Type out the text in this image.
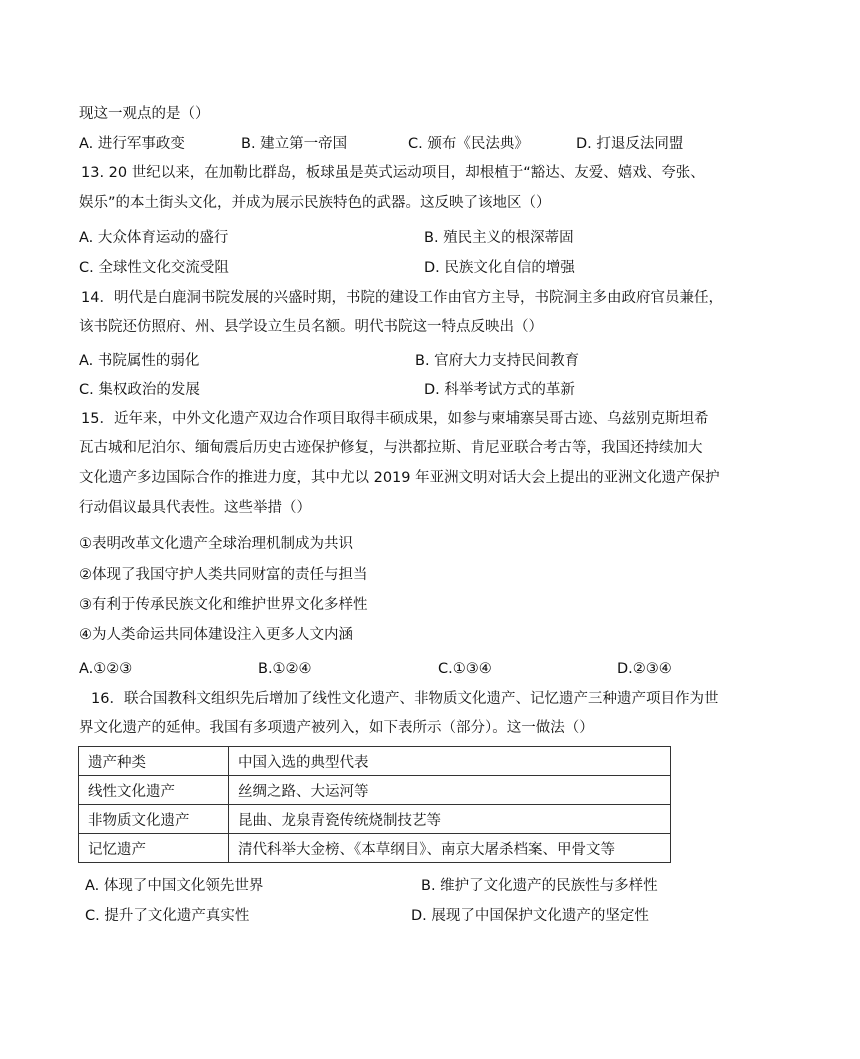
现这一观点的是（）
A. 进行军事政变	B. 建立第一帝国	C. 颁布《民法典》	D. 打退反法同盟
13. 20 世纪以来，在加勒比群岛，板球虽是英式运动项目，却根植于“豁达、友爱、嬉戏、夸张、
娱乐”的本土街头文化，并成为展示民族特色的武器。这反映了该地区（）
A. 大众体育运动的盛行	B. 殖民主义的根深蒂固
C. 全球性文化交流受阻	D. 民族文化自信的增强
14．明代是白鹿洞书院发展的兴盛时期，书院的建设工作由官方主导，书院洞主多由政府官员兼任，
该书院还仿照府、州、县学设立生员名额。明代书院这一特点反映出（）
A. 书院属性的弱化	B. 官府大力支持民间教育
C. 集权政治的发展	D. 科举考试方式的革新
15．近年来，中外文化遗产双边合作项目取得丰硕成果，如参与柬埔寨吴哥古迹、乌兹别克斯坦希
瓦古城和尼泊尔、缅甸震后历史古迹保护修复，与洪都拉斯、肯尼亚联合考古等，我国还持续加大
文化遗产多边国际合作的推进力度，其中尤以 2019 年亚洲文明对话大会上提出的亚洲文化遗产保护
行动倡议最具代表性。这些举措（）
①表明改革文化遗产全球治理机制成为共识
②体现了我国守护人类共同财富的责任与担当
③有利于传承民族文化和维护世界文化多样性
④为人类命运共同体建设注入更多人文内涵
A.①②③	B.①②④	C.①③④	D.②③④
16．联合国教科文组织先后增加了线性文化遗产、非物质文化遗产、记忆遗产三种遗产项目作为世
界文化遗产的延伸。我国有多项遗产被列入，如下表所示（部分）。这一做法（）
遗产种类	中国入选的典型代表
线性文化遗产	丝绸之路、大运河等
非物质文化遗产	昆曲、龙泉青瓷传统烧制技艺等
记忆遗产	清代科举大金榜、《本草纲目》、南京大屠杀档案、甲骨文等
A. 体现了中国文化领先世界	B. 维护了文化遗产的民族性与多样性
C. 提升了文化遗产真实性	D. 展现了中国保护文化遗产的坚定性
